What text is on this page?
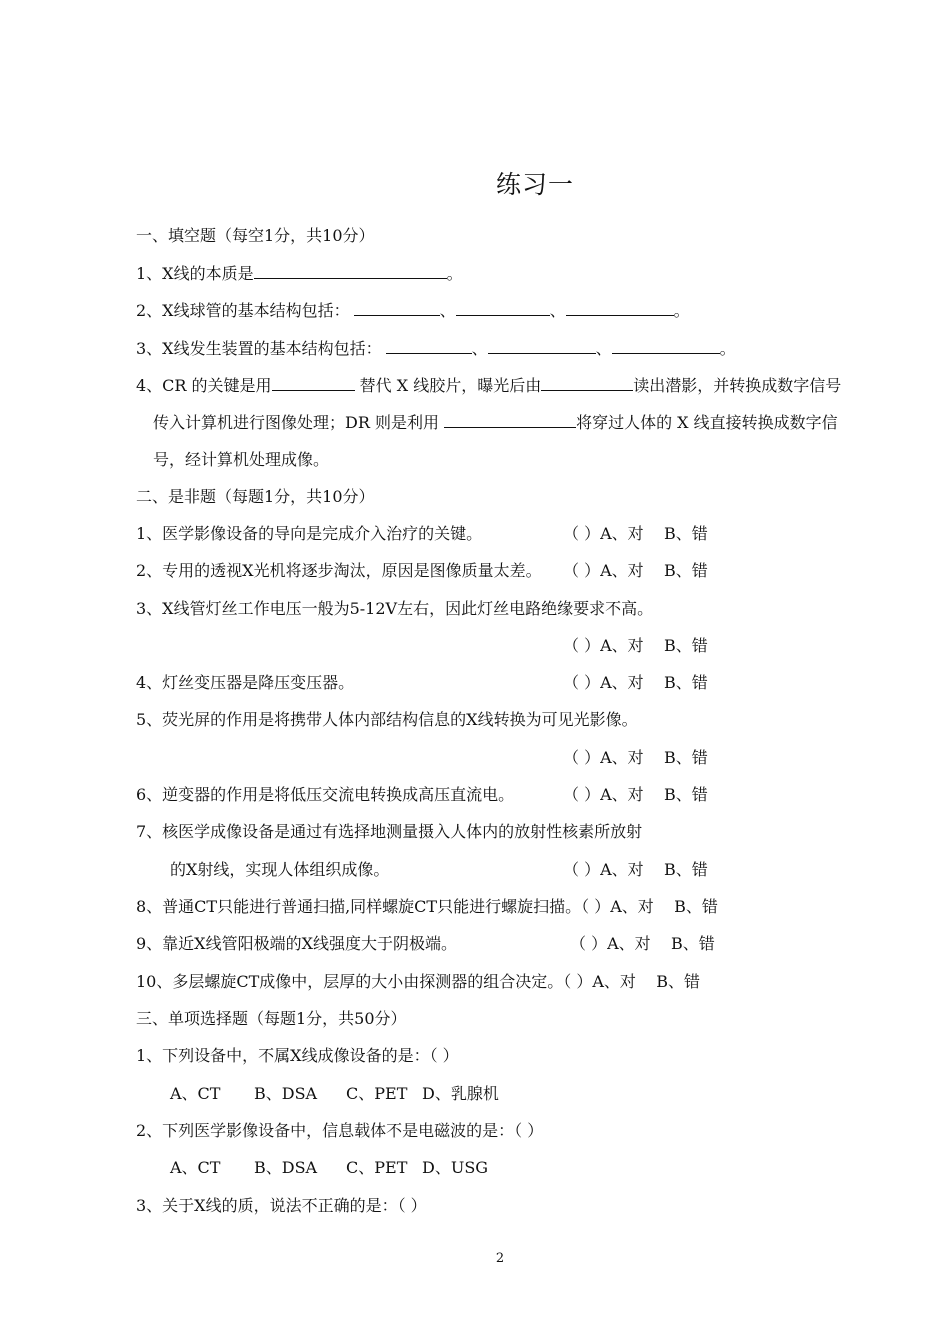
练习一
一、填空题（每空1分，共10分）
1、X线的本质是	。
2、X线球管的基本结构包括：	、	、	。
3、X线发生装置的基本结构包括：	、	、	。
4、CR 的关键是用	替代 X 线胶片，曝光后由	读出潜影，并转换成数字信号
传入计算机进行图像处理；DR 则是利用	将穿过人体的 X 线直接转换成数字信
号，经计算机处理成像。
二、是非题（每题1分，共10分）
1、医学影像设备的导向是完成介入治疗的关键。	（ ）A、对 B、错
2、专用的透视X光机将逐步淘汰，原因是图像质量太差。 （ ）A、对 B、错
3、X线管灯丝工作电压一般为5-12V左右，因此灯丝电路绝缘要求不高。
（ ）A、对 B、错
4、灯丝变压器是降压变压器。	（ ）A、对 B、错
5、荧光屏的作用是将携带人体内部结构信息的X线转换为可见光影像。
（ ）A、对 B、错
6、逆变器的作用是将低压交流电转换成高压直流电。	（ ）A、对 B、错
7、核医学成像设备是通过有选择地测量摄入人体内的放射性核素所放射
的X射线，实现人体组织成像。	（ ）A、对 B、错
8、普通CT只能进行普通扫描,同样螺旋CT只能进行螺旋扫描。（ ）A、对 B、错
9、靠近X线管阳极端的X线强度大于阴极端。	（ ）A、对 B、错
10、多层螺旋CT成像中，层厚的大小由探测器的组合决定。（ ）A、对 B、错
三、单项选择题（每题1分，共50分）
1、下列设备中，不属X线成像设备的是：（ ）
A、CT B、DSA C、PET D、乳腺机
2、下列医学影像设备中，信息载体不是电磁波的是：（ ）
A、CT B、DSA C、PET D、USG
3、关于X线的质，说法不正确的是：（ ）
2
